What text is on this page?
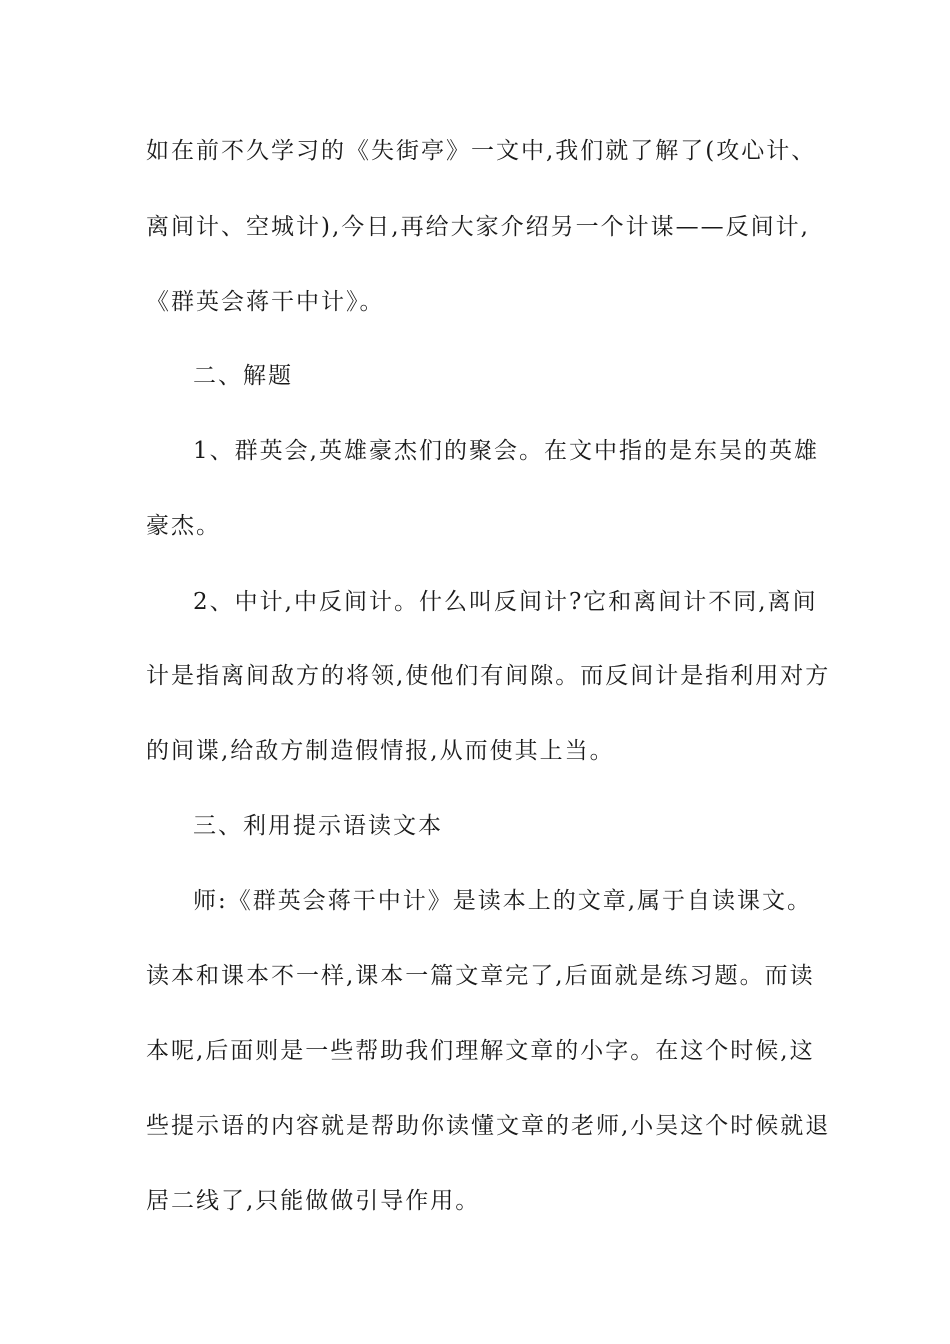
如在前不久学习的《失街亭》一文中,我们就了解了(攻心计、
离间计、空城计),今日,再给大家介绍另一个计谋——反间计,
《群英会蒋干中计》。
二、解题
1、群英会,英雄豪杰们的聚会。在文中指的是东吴的英雄
豪杰。
2、中计,中反间计。什么叫反间计?它和离间计不同,离间
计是指离间敌方的将领,使他们有间隙。而反间计是指利用对方
的间谍,给敌方制造假情报,从而使其上当。
三、利用提示语读文本
师:《群英会蒋干中计》是读本上的文章,属于自读课文。
读本和课本不一样,课本一篇文章完了,后面就是练习题。而读
本呢,后面则是一些帮助我们理解文章的小字。在这个时候,这
些提示语的内容就是帮助你读懂文章的老师,小吴这个时候就退
居二线了,只能做做引导作用。
